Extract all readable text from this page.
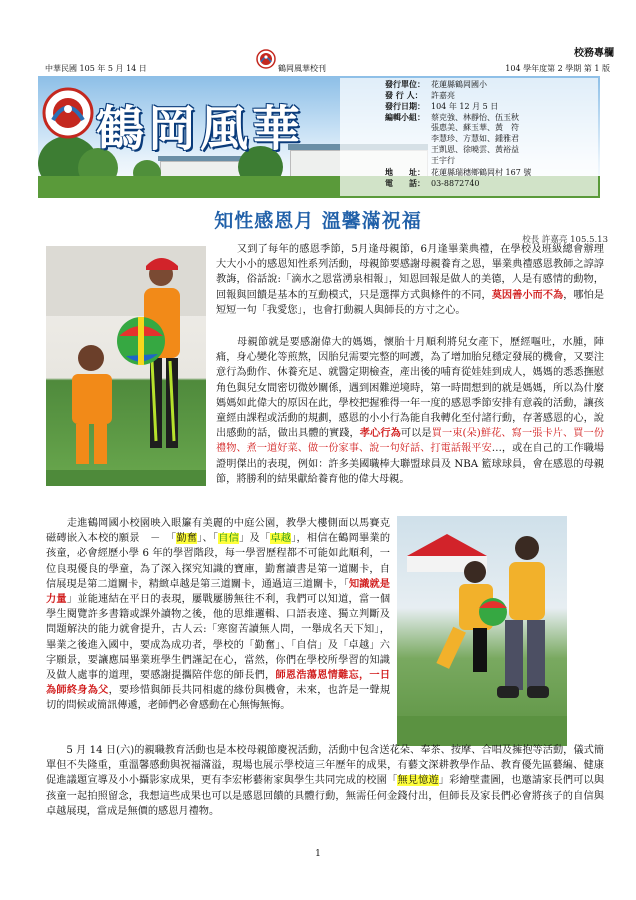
校務專欄
中華民國 105 年 5 月 14 日	鶴岡風華校刊	104 學年度第 2 學期 第 1 版
鶴岡風華
發行單位： 花蓮縣鶴岡國小
發 行 人： 許嘉亮
發行日期： 104 年 12 月 5 日
編輯小組： 蔡克強、林靜怡、伍玉秋
張惠美、蘇玉華、黃　符
李慧珍、方慧如、鍾雅君
王凱恩、徐曉雲、黃裕益
王宇行
地　　址： 花蓮縣瑞穗鄉鶴岡村 167 號
電　　話： 03-8872740
知性感恩月 溫馨滿祝福
校長 許嘉亮 105.5.13
　　又到了每年的感恩季節，5月逢母親節，6月逢畢業典禮，在學校及班級總會辦理大大小小的感恩知性系列活動，母親節要感謝母親養育之恩，畢業典禮感恩教師之諄諄教誨，俗話說:「滴水之恩當湧泉相報」，知恩回報是做人的美德，人是有感情的動物，回報與回饋是基本的互動模式，只是選擇方式與條件的不同，莫因善小而不為，哪怕是短短一句「我愛您」，也會打動親人與師長的方寸之心。
　　母親節就是要感謝偉大的媽媽，懷胎十月順利將兒女產下，歷經嘔吐，水腫，陣痛，身心變化等煎熬，因胎兒需要完整的呵護，為了增加胎兒穩定發展的機會，又要注意行為動作、休養充足、就醫定期檢查，產出後的哺育從娃娃到成人，媽媽的悉悉撫慰角色與兒女間密切微妙關係，遇到困難逆境時，第一時間想到的就是媽媽，所以為什麼媽媽如此偉大的原因在此，學校把握雅得一年一度的感恩季節安排有意義的活動，讓孩童經由課程或活動的規劃，感恩的小小行為能自我轉化至付諸行動，存著感恩的心，說出感動的話，做出具體的實踐，孝心行為可以是買一束(朵)鮮花、寫一張卡片、買一份禮物、煮一道好菜、做一份家事、說一句好話、打電話報平安…，或在自己的工作職場證明傑出的表現，例如：許多美國職棒大聯盟球員及 NBA 籃球球員，會在感恩的母親節，將勝利的結果獻給養育他的偉大母親。
　　走進鶴岡國小校園映入眼簾有美麗的中庭公園，教學大樓側面以馬賽克磁磚嵌入本校的願景　－　「勤奮」、「自信」及「卓越」，相信在鶴岡畢業的孩童，必會經歷小學 6 年的學習階段，每一學習歷程都不可能如此順利，一位良現優良的學童，為了深入探究知識的寶庫，勤奮讀書是第一道關卡，自信展現是第二道關卡，精緻卓越是第三道關卡，通過這三道關卡，「知識就是力量」並能連結在平日的表現，屢戰屢勝無往不利，我們可以知道，當一個學生閱覽許多書籍或課外讀物之後，他的思維邏輯、口語表達、獨立判斷及問題解決的能力就會提升，古人云:「寒窗苦讀無人問，一舉成名天下知」，畢業之後進入國中，要成為成功者，學校的「勤奮」、「自信」及「卓越」六字願景，要讓應屆畢業班學生們謹記在心，當然，你們在學校所學習的知識及做人處事的道理，要感謝提攜陪伴您的師長們，師恩浩蕩恩情難忘，一日為師終身為父，要珍惜與師長共同相處的緣份與機會，未來，也許是一聲規切的問候或簡訊傳遞，老師們必會感動在心無悔無悔。
　　5 月 14 日(六)的親職教育活動也是本校母親節慶祝活動，活動中包含送花朵、奉茶、按摩、合唱及擁抱等活動，儀式簡單但不失隆重，重溫馨感動與祝福滿溢，現場也展示學校這三年歷年的成果，有藝文深耕教學作品、教育優先區藝編、健康促進議題宣導及小小攝影家成果，更有李宏彬藝術家與學生共同完成的校園「無見憶遊」彩繪壁畫圖，也邀請家長們可以與孩童一起拍照留念，我想這些成果也可以是感恩回饋的具體行動，無需任何金錢付出，但師長及家長們必會將孩子的自信與卓越展現，當成是無價的感恩月禮物。
1
